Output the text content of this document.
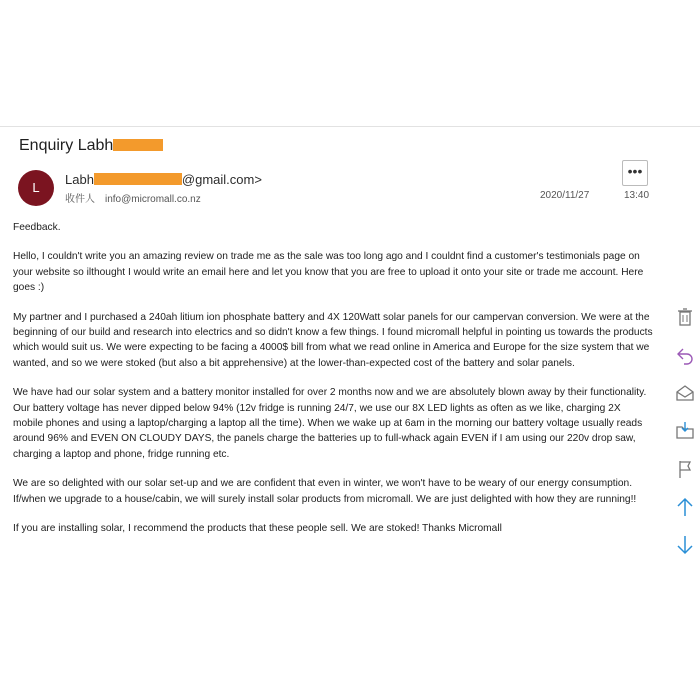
Enquiry Labh
L
Labh	@gmail.com>
收件人 info@micromall.co.nz	2020/11/27	13:40
•••

Feedback.

Hello, I couldn't write you an amazing review on trade me as the sale was too long ago and I couldnt find a customer's testimonials page on your website so ilthought I would write an email here and let you know that you are free to upload it onto your site or trade me account. Here goes :)

My partner and I purchased a 240ah litium ion phosphate battery and 4X 120Watt solar panels for our campervan conversion. We were at the beginning of our build and research into electrics and so didn't know a few things. I found micromall helpful in pointing us towards the products which would suit us. We were expecting to be facing a 4000$ bill from what we read online in America and Europe for the size system that we wanted, and so we were stoked (but also a bit apprehensive) at the lower-than-expected cost of the battery and solar panels.

We have had our solar system and a battery monitor installed for over 2 months now and we are absolutely blown away by their functionality. Our battery voltage has never dipped below 94% (12v fridge is running 24/7, we use our 8X LED lights as often as we like, charging 2X mobile phones and using a laptop/charging a laptop all the time). When we wake up at 6am in the morning our battery voltage usually reads around 96% and EVEN ON CLOUDY DAYS, the panels charge the batteries up to full-whack again EVEN if I am using our 220v drop saw, charging a laptop and phone, fridge running etc.

We are so delighted with our solar set-up and we are confident that even in winter, we won't have to be weary of our energy consumption. If/when we upgrade to a house/cabin, we will surely install solar products from micromall. We are just delighted with how they are running!!

If you are installing solar, I recommend the products that these people sell. We are stoked! Thanks Micromall
